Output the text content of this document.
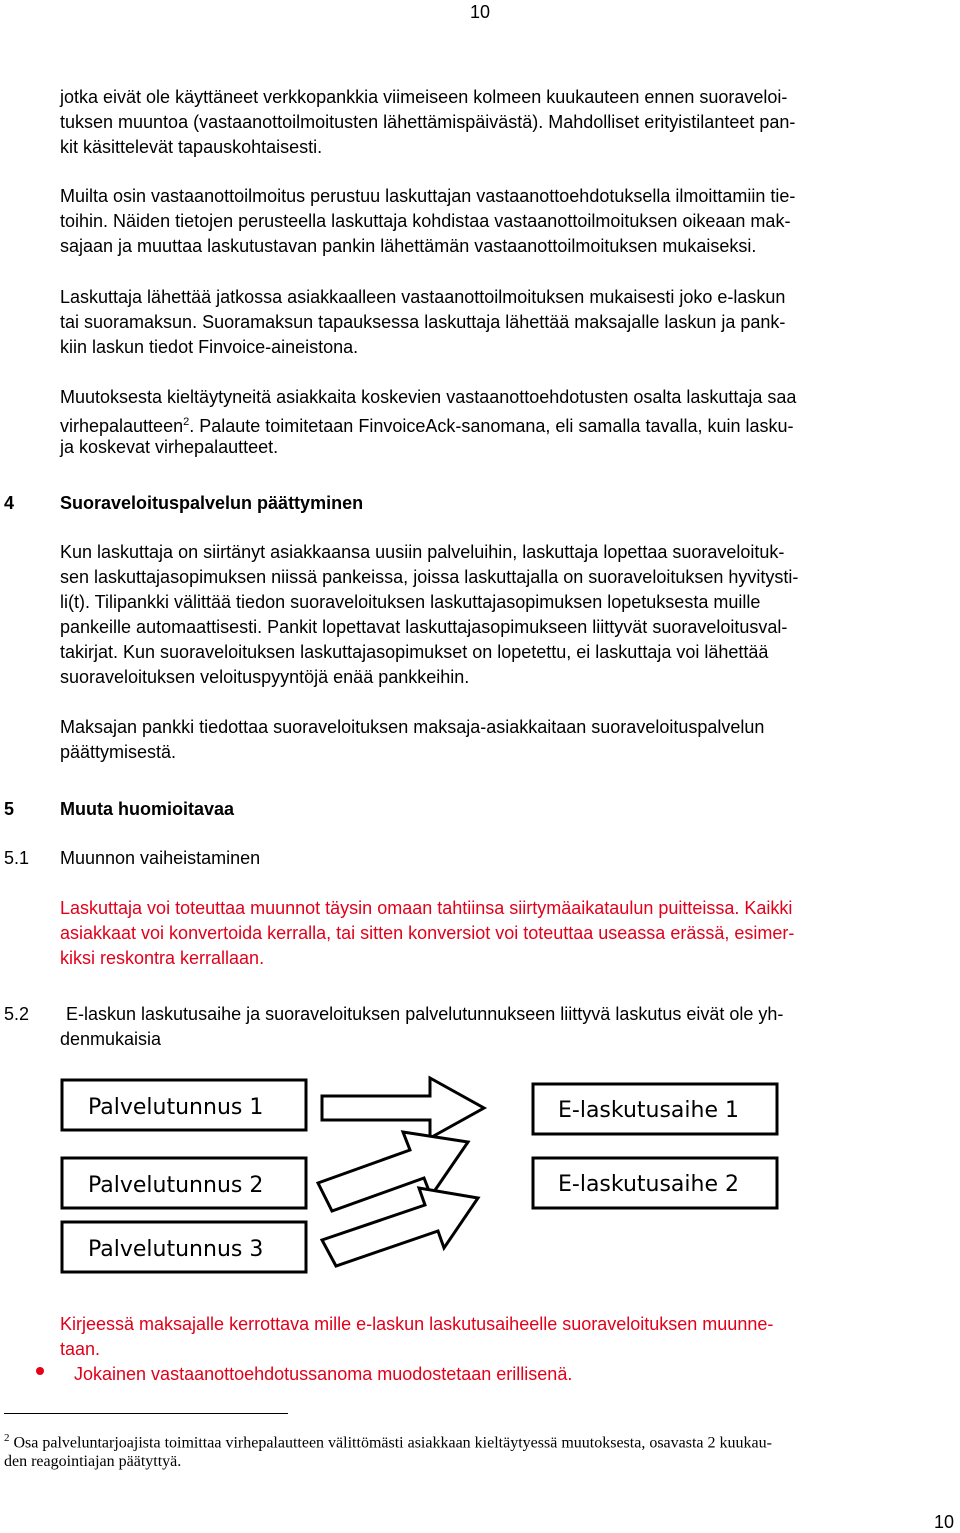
10
jotka eivät ole käyttäneet verkkopankkia viimeiseen kolmeen kuukauteen ennen suoraveloi-
tuksen muuntoa (vastaanottoilmoitusten lähettämispäivästä). Mahdolliset erityistilanteet pan-
kit käsittelevät tapauskohtaisesti.
Muilta osin vastaanottoilmoitus perustuu laskuttajan vastaanottoehdotuksella ilmoittamiin tie-
toihin. Näiden tietojen perusteella laskuttaja kohdistaa vastaanottoilmoituksen oikeaan mak-
sajaan ja muuttaa laskutustavan pankin lähettämän vastaanottoilmoituksen mukaiseksi.
Laskuttaja lähettää jatkossa asiakkaalleen vastaanottoilmoituksen mukaisesti joko e-laskun
tai suoramaksun. Suoramaksun tapauksessa laskuttaja lähettää maksajalle laskun ja pank-
kiin laskun tiedot Finvoice-aineistona.
Muutoksesta kieltäytyneitä asiakkaita koskevien vastaanottoehdotusten osalta laskuttaja saa
virhepalautteen$^2$. Palaute toimitetaan FinvoiceAck-sanomana, eli samalla tavalla, kuin lasku-
ja koskevat virhepalautteet.
4	Suoraveloituspalvelun päättyminen
Kun laskuttaja on siirtänyt asiakkaansa uusiin palveluihin, laskuttaja lopettaa suoraveloituk-
sen laskuttajasopimuksen niissä pankeissa, joissa laskuttajalla on suoraveloituksen hyvitysti-
li(t). Tilipankki välittää tiedon suoraveloituksen laskuttajasopimuksen lopetuksesta muille
pankeille automaattisesti. Pankit lopettavat laskuttajasopimukseen liittyvät suoraveloitusval-
takirjat. Kun suoraveloituksen laskuttajasopimukset on lopetettu, ei laskuttaja voi lähettää
suoraveloituksen veloituspyyntöjä enää pankkeihin.
Maksajan pankki tiedottaa suoraveloituksen maksaja-asiakkaitaan suoraveloituspalvelun
päättymisestä.
5	Muuta huomioitavaa
5.1 Muunnon vaiheistaminen
Laskuttaja voi toteuttaa muunnot täysin omaan tahtiinsa siirtymäaikataulun puitteissa. Kaikki
asiakkaat voi konvertoida kerralla, tai sitten konversiot voi toteuttaa useassa erässä, esimer-
kiksi reskontra kerrallaan.
5.2 E-laskun laskutusaihe ja suoraveloituksen palvelutunnukseen liittyvä laskutus eivät ole yh-
denmukaisia
Palvelutunnus 1
Palvelutunnus 2
Palvelutunnus 3
E-laskutusaihe 1
E-laskutusaihe 2
Kirjeessä maksajalle kerrottava mille e-laskun laskutusaiheelle suoraveloituksen muunne-
taan.
Jokainen vastaanottoehdotussanoma muodostetaan erillisenä.
$^2$ Osa palveluntarjoajista toimittaa virhepalautteen välittömästi asiakkaan kieltäytyessä muutoksesta, osavasta 2 kuukau-
den reagointiajan päätyttyä.
10
